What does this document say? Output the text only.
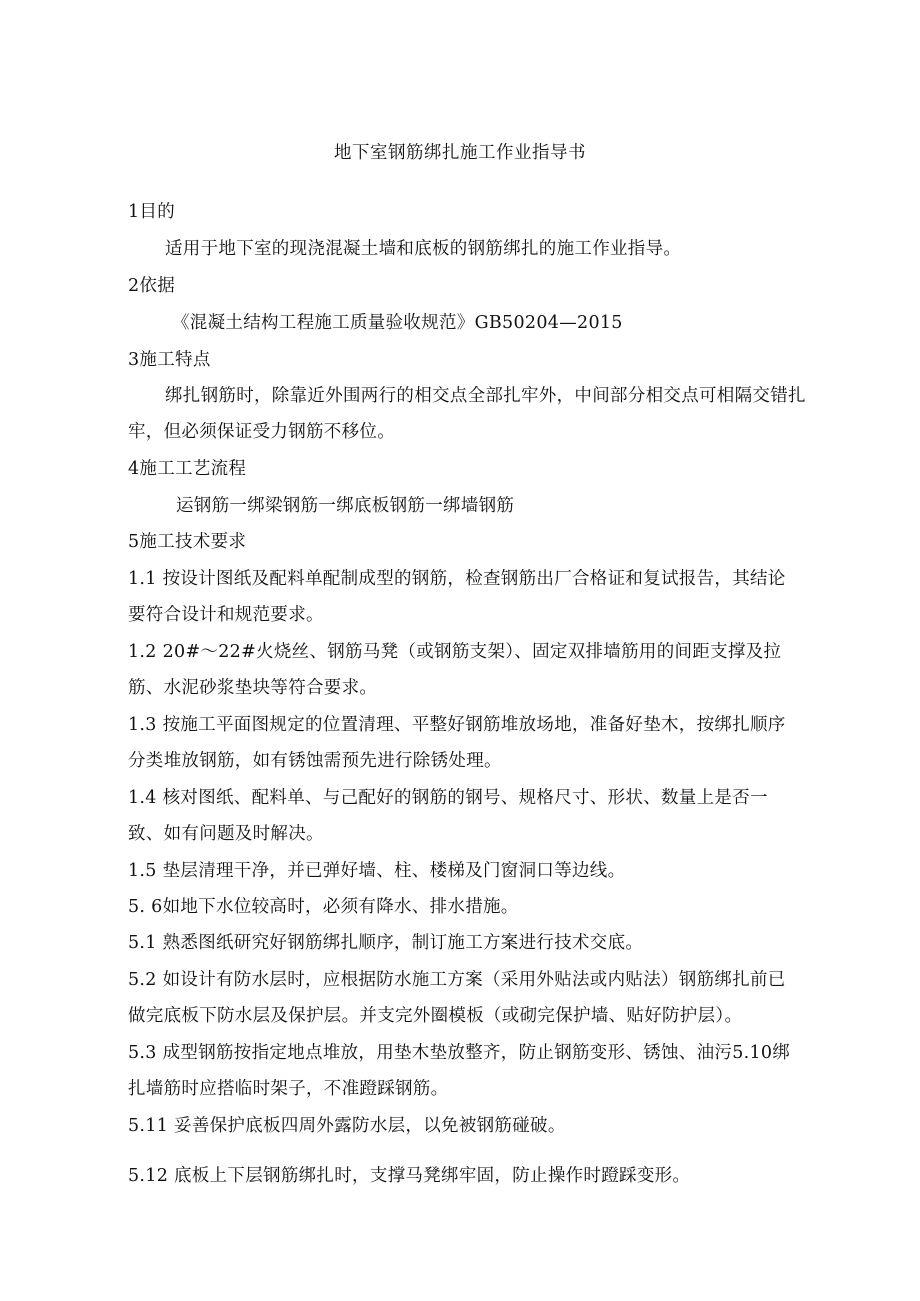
地下室钢筋绑扎施工作业指导书
1目的
适用于地下室的现浇混凝土墙和底板的钢筋绑扎的施工作业指导。
2依据
《混凝土结构工程施工质量验收规范》GB50204—2015
3施工特点
绑扎钢筋时，除靠近外围两行的相交点全部扎牢外，中间部分相交点可相隔交错扎
牢，但必须保证受力钢筋不移位。
4施工工艺流程
运钢筋一绑梁钢筋一绑底板钢筋一绑墙钢筋
5施工技术要求
1.1 按设计图纸及配料单配制成型的钢筋，检查钢筋出厂合格证和复试报告，其结论
要符合设计和规范要求。
1.2 20#～22#火烧丝、钢筋马凳（或钢筋支架）、固定双排墙筋用的间距支撑及拉
筋、水泥砂浆垫块等符合要求。
1.3 按施工平面图规定的位置清理、平整好钢筋堆放场地，准备好垫木，按绑扎顺序
分类堆放钢筋，如有锈蚀需预先进行除锈处理。
1.4 核对图纸、配料单、与己配好的钢筋的钢号、规格尺寸、形状、数量上是否一
致、如有问题及时解决。
1.5 垫层清理干净，并已弹好墙、柱、楼梯及门窗洞口等边线。
5. 6如地下水位较高时，必须有降水、排水措施。
5.1 熟悉图纸研究好钢筋绑扎顺序，制订施工方案进行技术交底。
5.2 如设计有防水层时，应根据防水施工方案（采用外贴法或内贴法）钢筋绑扎前已
做完底板下防水层及保护层。并支完外圈模板（或砌完保护墙、贴好防护层）。
5.3 成型钢筋按指定地点堆放，用垫木垫放整齐，防止钢筋变形、锈蚀、油污5.10绑
扎墙筋时应搭临时架子，不准蹬踩钢筋。
5.11 妥善保护底板四周外露防水层，以免被钢筋碰破。
5.12 底板上下层钢筋绑扎时，支撑马凳绑牢固，防止操作时蹬踩变形。
